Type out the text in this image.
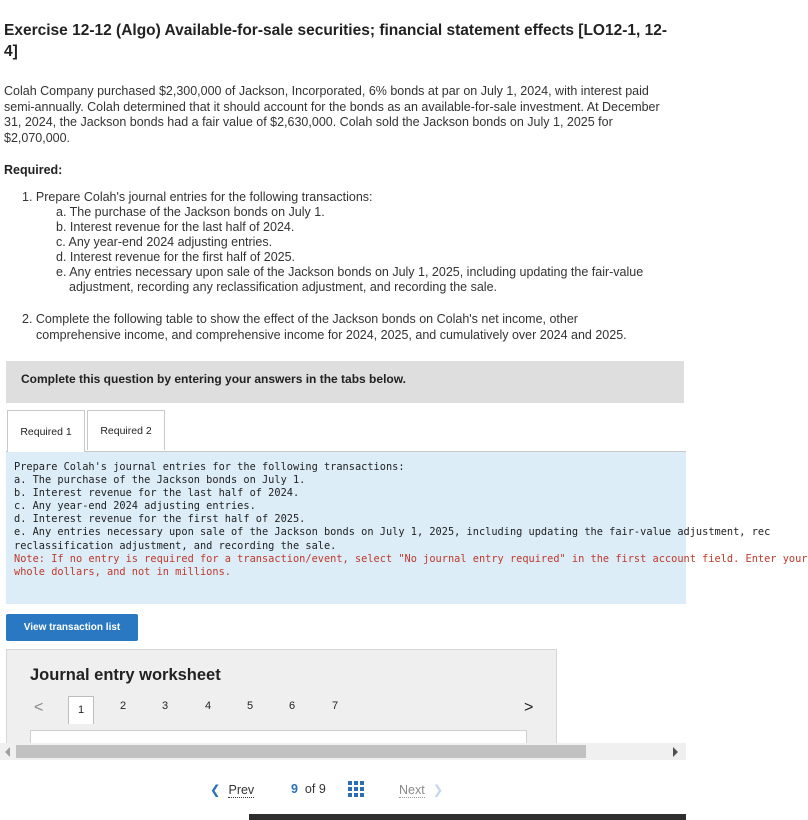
Exercise 12-12 (Algo) Available-for-sale securities; financial statement effects [LO12-1, 12-4]
Colah Company purchased $2,300,000 of Jackson, Incorporated, 6% bonds at par on July 1, 2024, with interest paid semi-annually. Colah determined that it should account for the bonds as an available-for-sale investment. At December 31, 2024, the Jackson bonds had a fair value of $2,630,000. Colah sold the Jackson bonds on July 1, 2025 for $2,070,000.
Required:
1. Prepare Colah's journal entries for the following transactions:
a. The purchase of the Jackson bonds on July 1.
b. Interest revenue for the last half of 2024.
c. Any year-end 2024 adjusting entries.
d. Interest revenue for the first half of 2025.
e. Any entries necessary upon sale of the Jackson bonds on July 1, 2025, including updating the fair-value
adjustment, recording any reclassification adjustment, and recording the sale.
2. Complete the following table to show the effect of the Jackson bonds on Colah's net income, other
comprehensive income, and comprehensive income for 2024, 2025, and cumulatively over 2024 and 2025.
Complete this question by entering your answers in the tabs below.
Required 1	Required 2
Prepare Colah's journal entries for the following transactions:
a. The purchase of the Jackson bonds on July 1.
b. Interest revenue for the last half of 2024.
c. Any year-end 2024 adjusting entries.
d. Interest revenue for the first half of 2025.
e. Any entries necessary upon sale of the Jackson bonds on July 1, 2025, including updating the fair-value adjustment, rec
reclassification adjustment, and recording the sale.
Note: If no entry is required for a transaction/event, select "No journal entry required" in the first account field. Enter your
whole dollars, and not in millions.
View transaction list
Journal entry worksheet
<	1	2	3	4	5	6	7	>
❮ Prev	9 of 9	Next ❯
